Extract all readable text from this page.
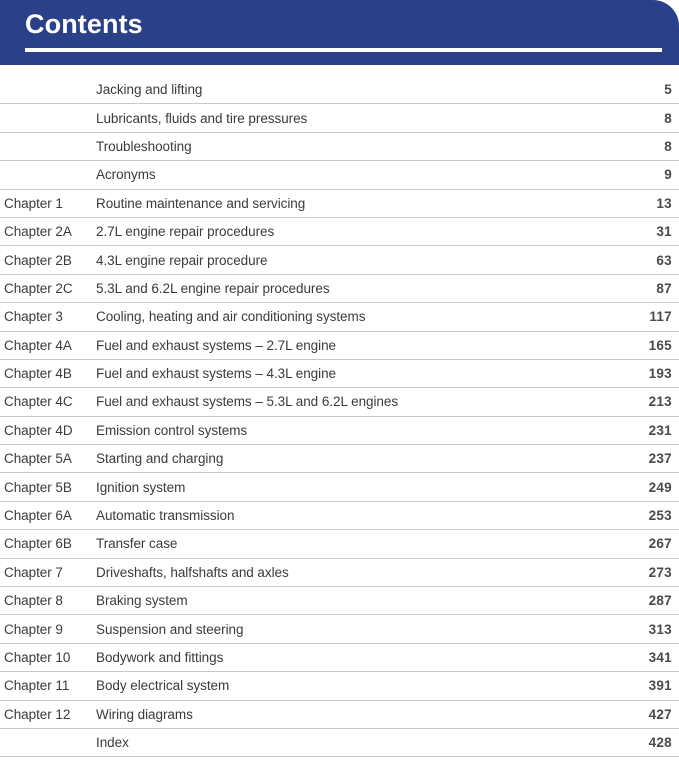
Contents
Jacking and lifting	5
Lubricants, fluids and tire pressures	8
Troubleshooting	8
Acronyms	9
Chapter 1	Routine maintenance and servicing	13
Chapter 2A	2.7L engine repair procedures	31
Chapter 2B	4.3L engine repair procedure	63
Chapter 2C	5.3L and 6.2L engine repair procedures	87
Chapter 3	Cooling, heating and air conditioning systems	117
Chapter 4A	Fuel and exhaust systems – 2.7L engine	165
Chapter 4B	Fuel and exhaust systems – 4.3L engine	193
Chapter 4C	Fuel and exhaust systems – 5.3L and 6.2L engines	213
Chapter 4D	Emission control systems	231
Chapter 5A	Starting and charging	237
Chapter 5B	Ignition system	249
Chapter 6A	Automatic transmission	253
Chapter 6B	Transfer case	267
Chapter 7	Driveshafts, halfshafts and axles	273
Chapter 8	Braking system	287
Chapter 9	Suspension and steering	313
Chapter 10	Bodywork and fittings	341
Chapter 11	Body electrical system	391
Chapter 12	Wiring diagrams	427
Index	428
